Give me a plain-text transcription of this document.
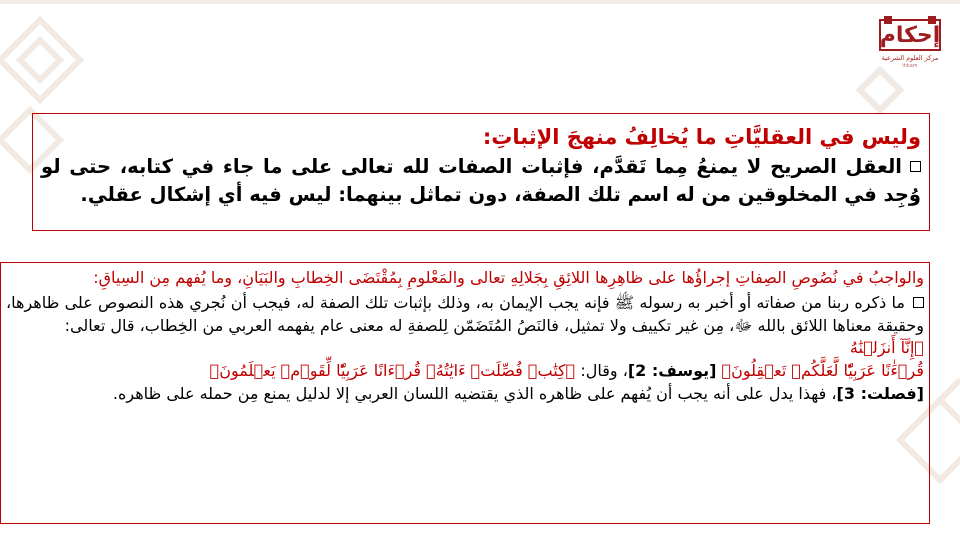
إحكام
مركز العلوم الشرعية
ihkam

وليس في العقليَّاتِ ما يُخالِفُ منهجَ الإثباتِ:

العقل الصريح لا يمنعُ مِما تَقدَّم، فإثبات الصفات لله تعالى على ما جاء في كتابه، حتى لو وُجِد في المخلوقين من له اسم تلك الصفة، دون تماثل بينهما: ليس فيه أي إشكال عقلي.

والواجبُ في نُصُوصِ الصِفاتِ إجراؤُها على ظاهِرِها اللائِقِ بِجَلالِهِ تعالى والمَعْلومِ بِمُقْتَضَى الخِطابِ والبَيَانِ، وما يُفهم مِن السِياقِ:

ما ذكره ربنا من صفاته أو أخبر به رسوله ﷺ فإنه يجب الإيمان به، وذلك بإثبات تلك الصفة له، فيجب أن نُجري هذه النصوص على ظاهرها، وحقيقة معناها اللائق بالله ﷻ، مِن غير تكييف ولا تمثيل، فالنَصُ المُتَضَمّن لِلصفةِ له معنى عام يفهمه العربي من الخِطاب، قال تعالى:

﴿إِنَّآ أَنزَلۡنَٰهُ

قُرۡءَٰنًا عَرَبِيّٗا لَّعَلَّكُمۡ تَعۡقِلُونَ﴾ [يوسف: 2]، وقال: ﴿كِتَٰبٞ فُصِّلَتۡ ءَايَٰتُهُۥ قُرۡءَانًا عَرَبِيّٗا لِّقَوۡمٖ يَعۡلَمُونَ﴾

[فصلت: 3]، فهذا يدل على أنه يجب أن يُفهم على ظاهره الذي يقتضيه اللسان العربي إلا لدليل يمنع مِن حمله على ظاهره.
